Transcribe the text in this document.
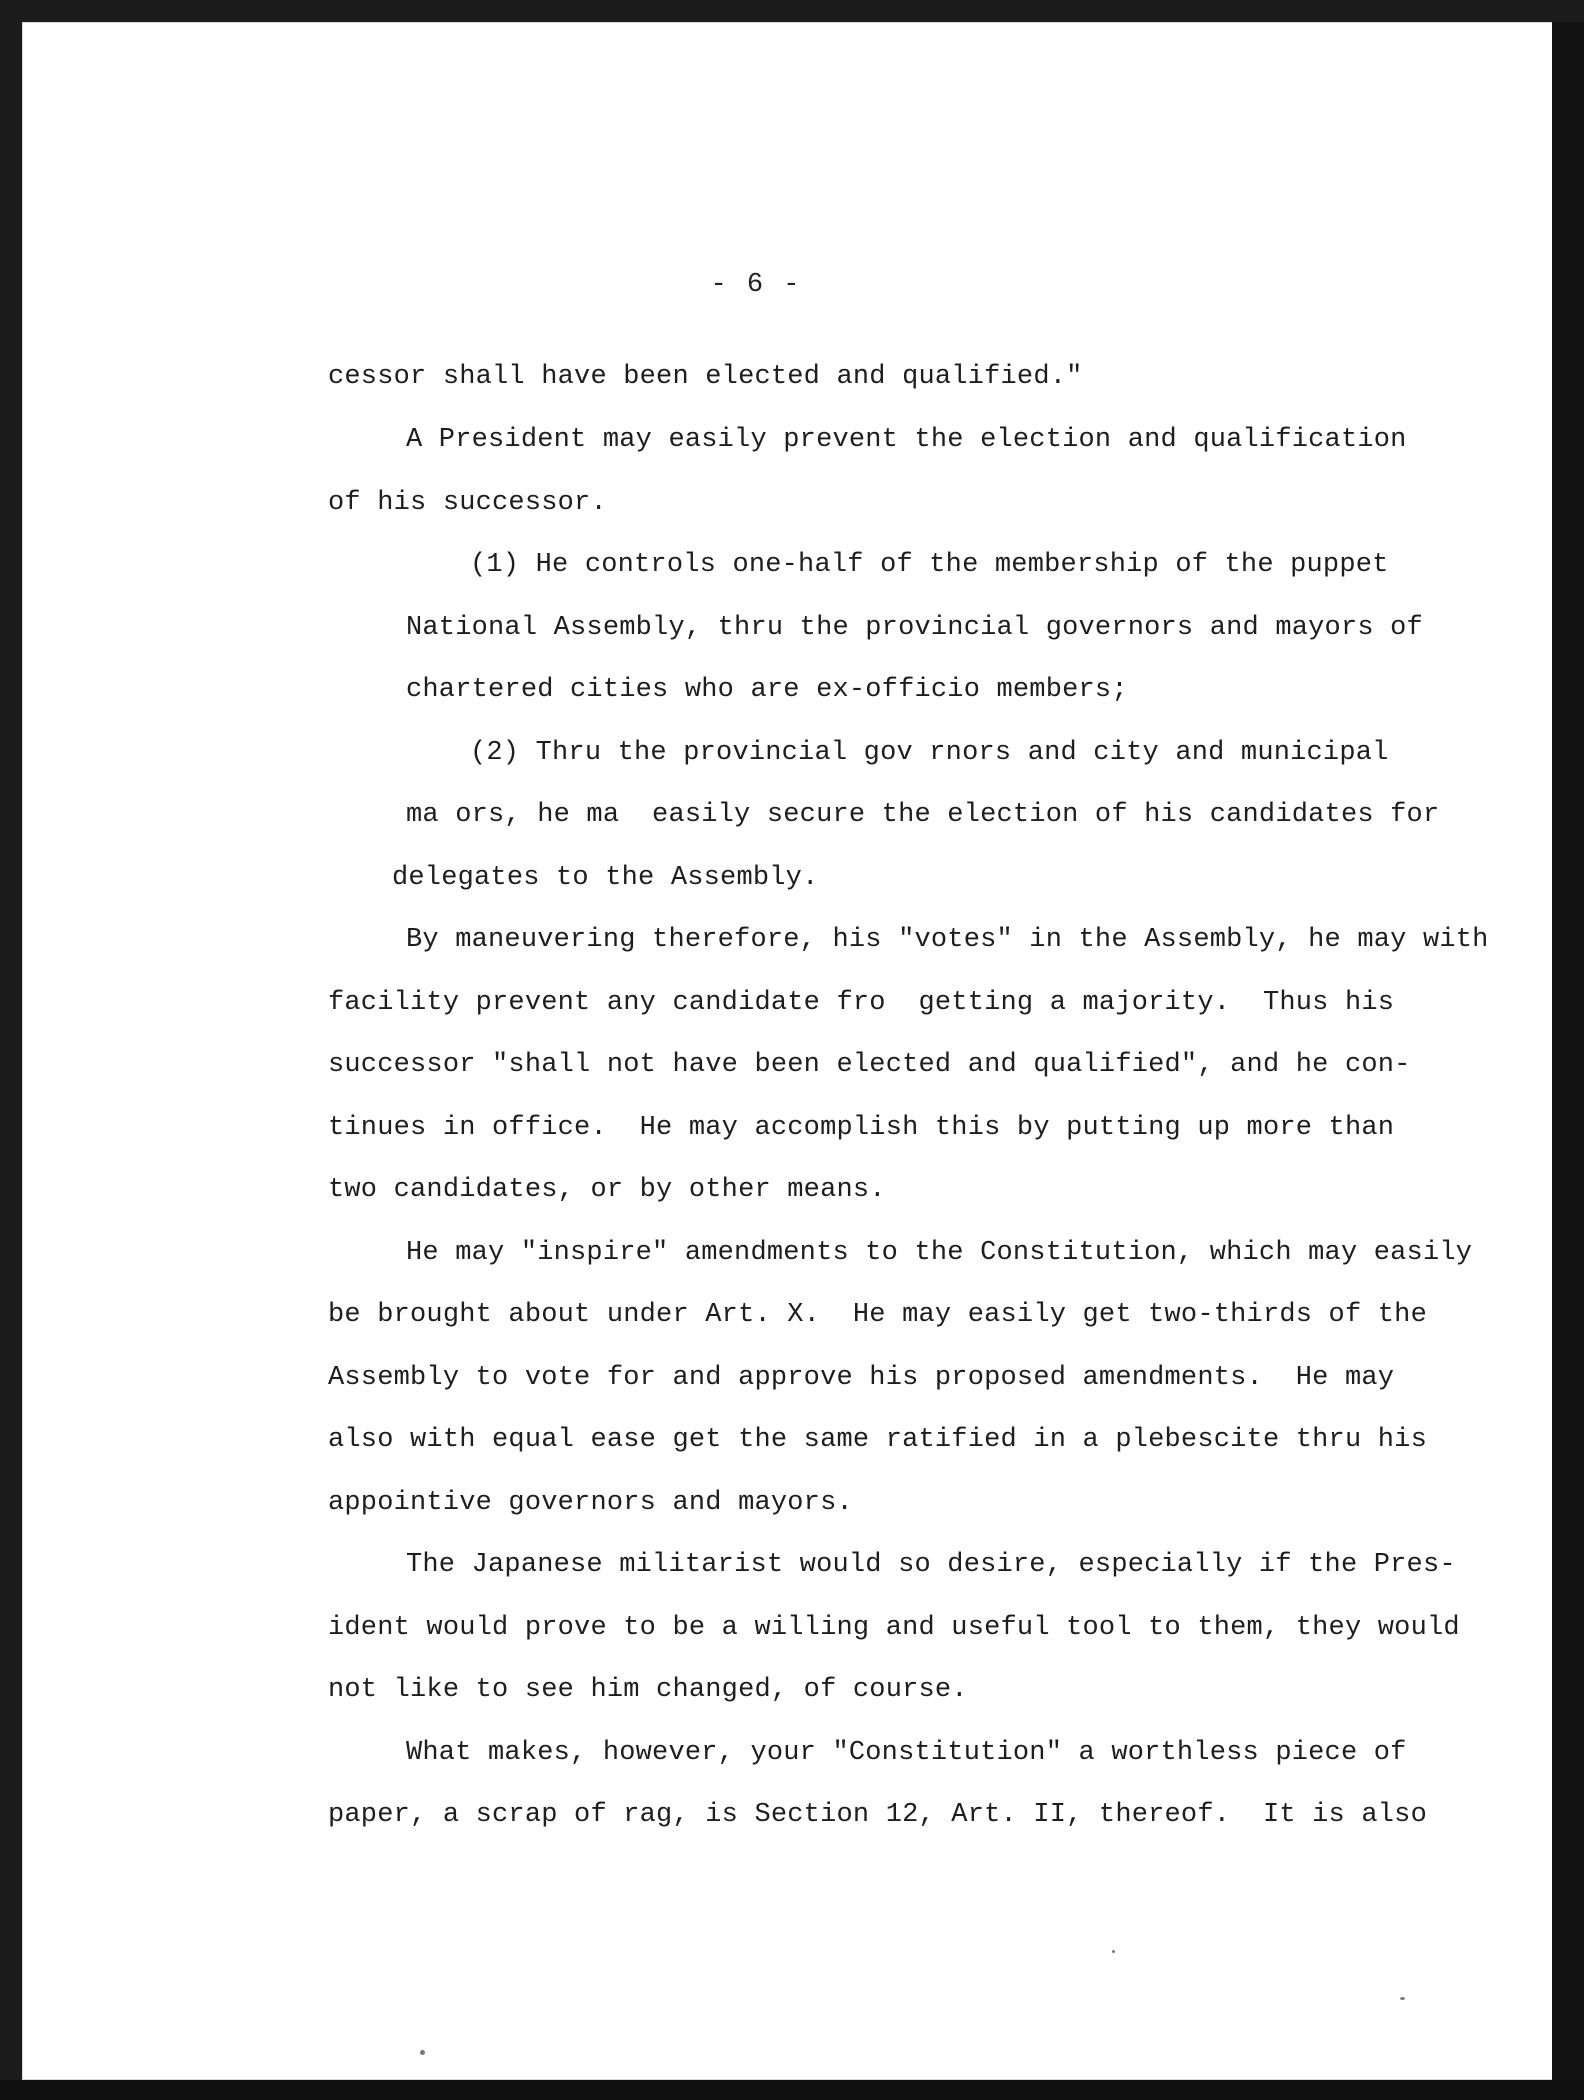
- 6 -
cessor shall have been elected and qualified."
A President may easily prevent the election and qualification
of his successor.
(1) He controls one-half of the membership of the puppet
National Assembly, thru the provincial governors and mayors of
chartered cities who are ex-officio members;
(2) Thru the provincial gov rnors and city and municipal
ma ors, he ma  easily secure the election of his candidates for
delegates to the Assembly.
By maneuvering therefore, his "votes" in the Assembly, he may with
facility prevent any candidate fro  getting a majority.  Thus his
successor "shall not have been elected and qualified", and he con-
tinues in office.  He may accomplish this by putting up more than
two candidates, or by other means.
He may "inspire" amendments to the Constitution, which may easily
be brought about under Art. X.  He may easily get two-thirds of the
Assembly to vote for and approve his proposed amendments.  He may
also with equal ease get the same ratified in a plebescite thru his
appointive governors and mayors.
The Japanese militarist would so desire, especially if the Pres-
ident would prove to be a willing and useful tool to them, they would
not like to see him changed, of course.
What makes, however, your "Constitution" a worthless piece of
paper, a scrap of rag, is Section 12, Art. II, thereof.  It is also
